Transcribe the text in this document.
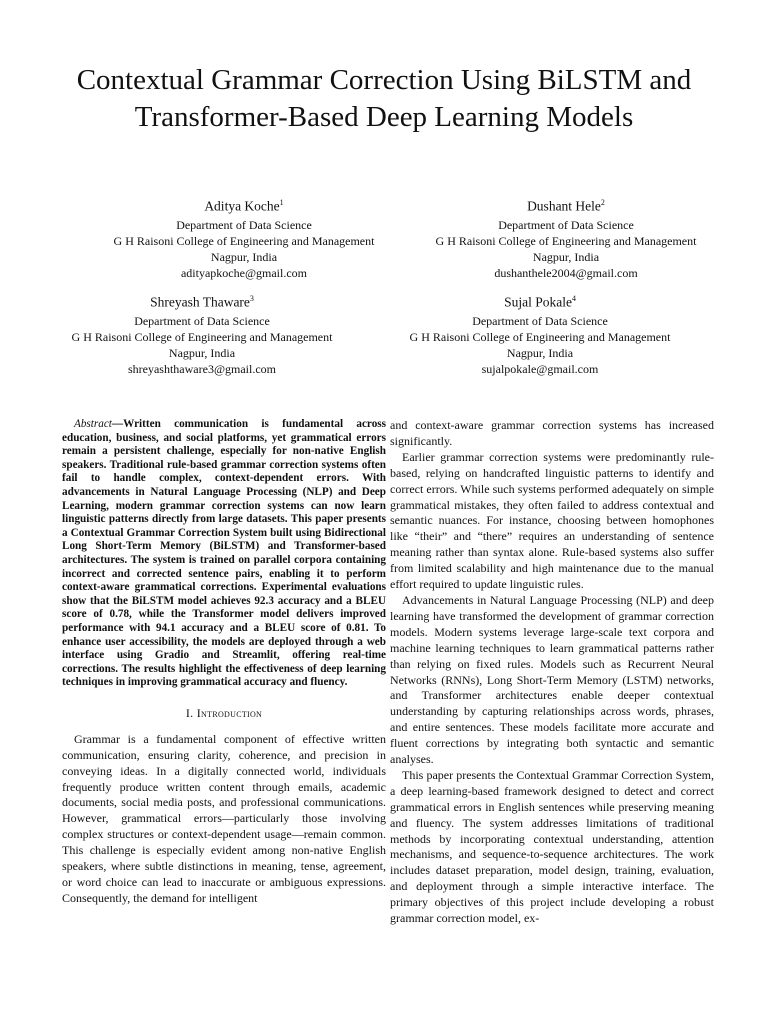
Contextual Grammar Correction Using BiLSTM and Transformer-Based Deep Learning Models
Aditya Koche$^1$
Department of Data Science
G H Raisoni College of Engineering and Management
Nagpur, India
adityapkoche@gmail.com
Dushant Hele$^2$
Department of Data Science
G H Raisoni College of Engineering and Management
Nagpur, India
dushanthele2004@gmail.com
Shreyash Thaware$^3$
Department of Data Science
G H Raisoni College of Engineering and Management
Nagpur, India
shreyashthaware3@gmail.com
Sujal Pokale$^4$
Department of Data Science
G H Raisoni College of Engineering and Management
Nagpur, India
sujalpokale@gmail.com

Abstract—Written communication is fundamental across education, business, and social platforms, yet grammatical errors remain a persistent challenge, especially for non-native English speakers. Traditional rule-based grammar correction systems often fail to handle complex, context-dependent errors. With advancements in Natural Language Processing (NLP) and Deep Learning, modern grammar correction systems can now learn linguistic patterns directly from large datasets. This paper presents a Contextual Grammar Correction System built using Bidirectional Long Short-Term Memory (BiLSTM) and Transformer-based architectures. The system is trained on parallel corpora containing incorrect and corrected sentence pairs, enabling it to perform context-aware grammatical corrections. Experimental evaluations show that the BiLSTM model achieves 92.3 accuracy and a BLEU score of 0.78, while the Transformer model delivers improved performance with 94.1 accuracy and a BLEU score of 0.81. To enhance user accessibility, the models are deployed through a web interface using Gradio and Streamlit, offering real-time corrections. The results highlight the effectiveness of deep learning techniques in improving grammatical accuracy and fluency.

I. Introduction

Grammar is a fundamental component of effective written communication, ensuring clarity, coherence, and precision in conveying ideas. In a digitally connected world, individuals frequently produce written content through emails, academic documents, social media posts, and professional communications. However, grammatical errors—particularly those involving complex structures or context-dependent usage—remain common. This challenge is especially evident among non-native English speakers, where subtle distinctions in meaning, tense, agreement, or word choice can lead to inaccurate or ambiguous expressions. Consequently, the demand for intelligent

and context-aware grammar correction systems has increased significantly.

Earlier grammar correction systems were predominantly rule-based, relying on handcrafted linguistic patterns to identify and correct errors. While such systems performed adequately on simple grammatical mistakes, they often failed to address contextual and semantic nuances. For instance, choosing between homophones like “their” and “there” requires an understanding of sentence meaning rather than syntax alone. Rule-based systems also suffer from limited scalability and high maintenance due to the manual effort required to update linguistic rules.

Advancements in Natural Language Processing (NLP) and deep learning have transformed the development of grammar correction models. Modern systems leverage large-scale text corpora and machine learning techniques to learn grammatical patterns rather than relying on fixed rules. Models such as Recurrent Neural Networks (RNNs), Long Short-Term Memory (LSTM) networks, and Transformer architectures enable deeper contextual understanding by capturing relationships across words, phrases, and entire sentences. These models facilitate more accurate and fluent corrections by integrating both syntactic and semantic analyses.

This paper presents the Contextual Grammar Correction System, a deep learning-based framework designed to detect and correct grammatical errors in English sentences while preserving meaning and fluency. The system addresses limitations of traditional methods by incorporating contextual understanding, attention mechanisms, and sequence-to-sequence architectures. The work includes dataset preparation, model design, training, evaluation, and deployment through a simple interactive interface. The primary objectives of this project include developing a robust grammar correction model, ex-
